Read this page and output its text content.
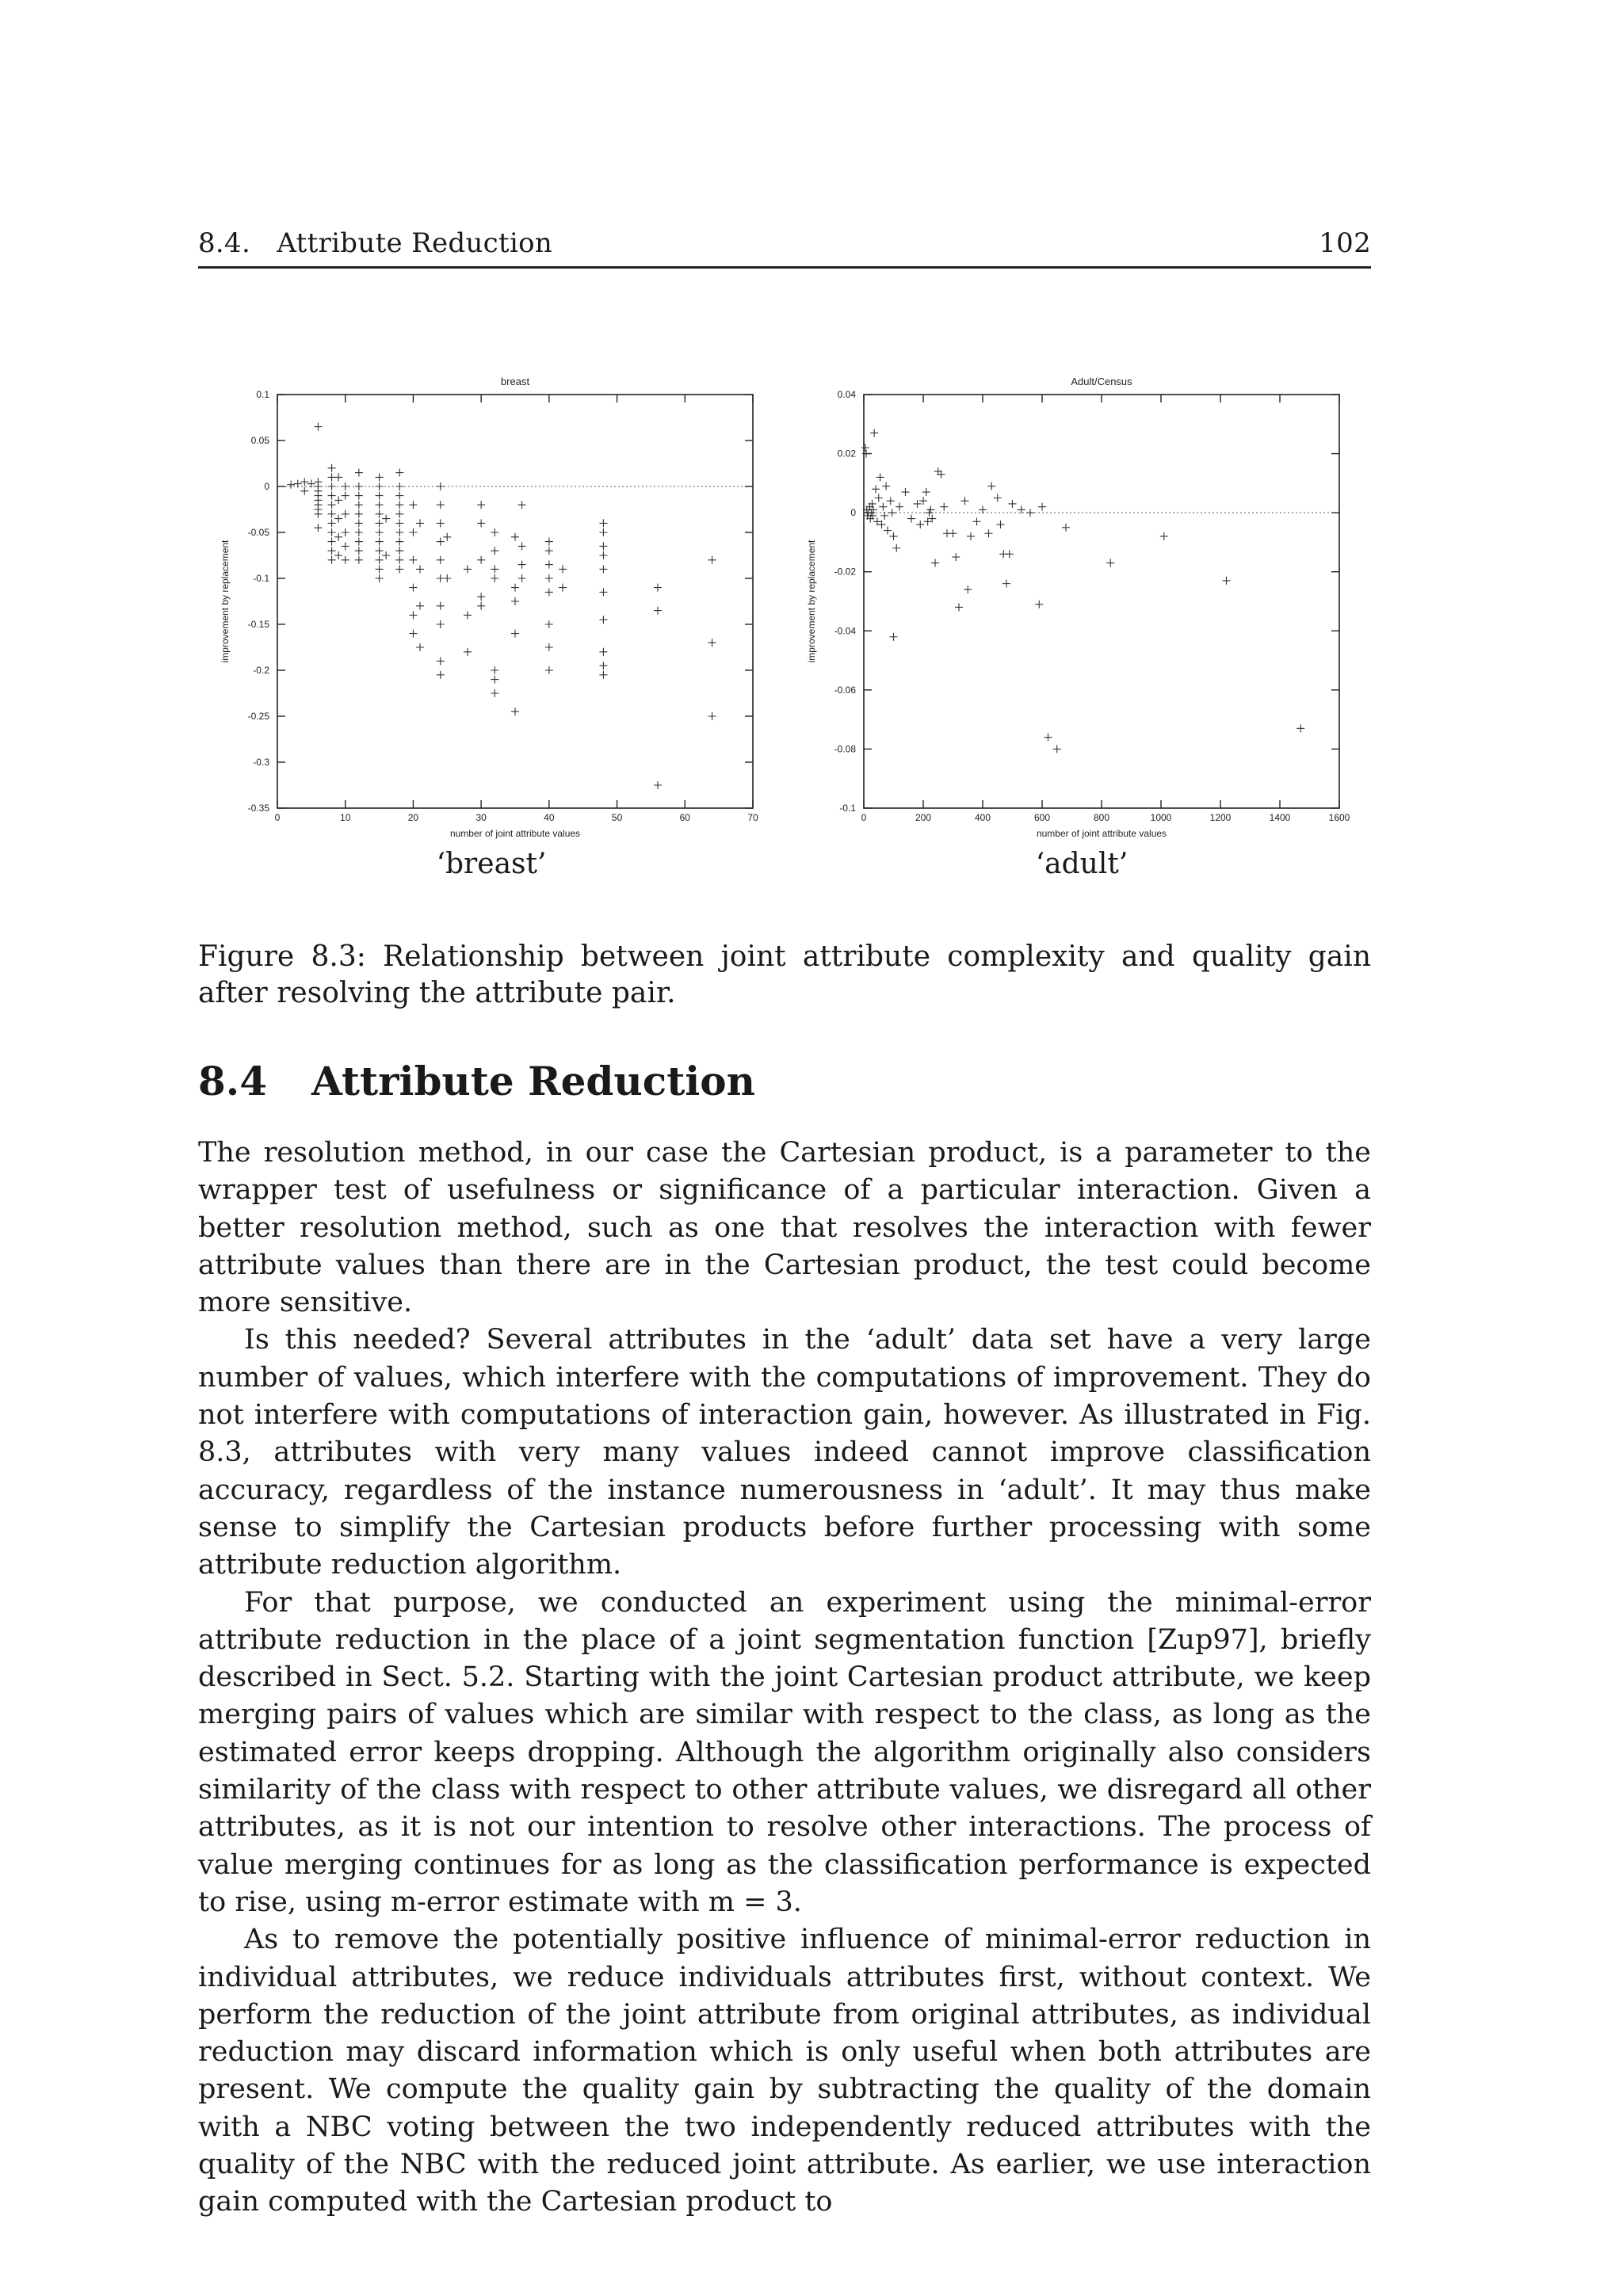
8.4.   Attribute Reduction	102
breast
0.1
0.05
0
-0.05
-0.1
-0.15
-0.2
-0.25
-0.3
-0.35
0	10	20	30	40	50	60	70
number of joint attribute values
improvement by replacement
Adult/Census
0.04
0.02
0
-0.02
-0.04
-0.06
-0.08
-0.1
0	200	400	600	800	1000	1200	1400	1600
number of joint attribute values
improvement by replacement
‘breast’	‘adult’
Figure 8.3: Relationship between joint attribute complexity and quality gain after resolving the attribute pair.
8.4 Attribute Reduction

The resolution method, in our case the Cartesian product, is a parameter to the wrapper test of usefulness or significance of a particular interaction. Given a better resolution method, such as one that resolves the interaction with fewer attribute values than there are in the Cartesian product, the test could become more sensitive.

Is this needed? Several attributes in the ‘adult’ data set have a very large number of values, which interfere with the computations of improvement. They do not interfere with computations of interaction gain, however. As illustrated in Fig. 8.3, attributes with very many values indeed cannot improve classification accuracy, regardless of the instance numerousness in ‘adult’. It may thus make sense to simplify the Cartesian products before further processing with some attribute reduction algorithm.

For that purpose, we conducted an experiment using the minimal-error attribute reduction in the place of a joint segmentation function [Zup97], briefly described in Sect. 5.2. Starting with the joint Cartesian product attribute, we keep merging pairs of values which are similar with respect to the class, as long as the estimated error keeps dropping. Although the algorithm originally also considers similarity of the class with respect to other attribute values, we disregard all other attributes, as it is not our intention to resolve other interactions. The process of value merging continues for as long as the classification performance is expected to rise, using m-error estimate with m = 3.

As to remove the potentially positive influence of minimal-error reduction in individual attributes, we reduce individuals attributes first, without context. We perform the reduction of the joint attribute from original attributes, as individual reduction may discard information which is only useful when both attributes are present. We compute the quality gain by subtracting the quality of the domain with a NBC voting between the two independently reduced attributes with the quality of the NBC with the reduced joint attribute. As earlier, we use interaction gain computed with the Cartesian product to
